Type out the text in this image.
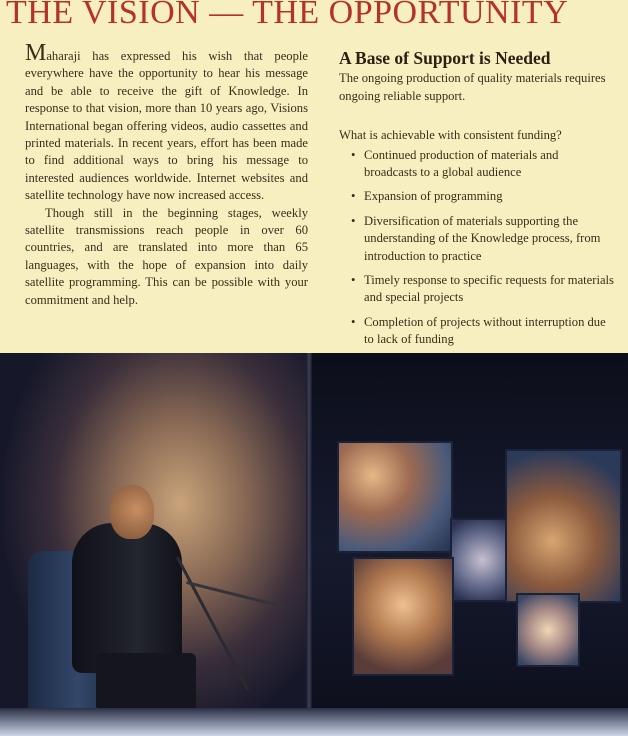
THE VISION — THE OPPORTUNITY

Maharaji has expressed his wish that people everywhere have the opportunity to hear his message and be able to receive the gift of Knowledge. In response to that vision, more than 10 years ago, Visions International began offering videos, audio cassettes and printed materials. In recent years, effort has been made to find additional ways to bring his message to interested audiences worldwide. Internet websites and satellite technology have now increased access.

Though still in the beginning stages, weekly satellite transmissions reach people in over 60 countries, and are translated into more than 65 languages, with the hope of expansion into daily satellite programming. This can be possible with your commitment and help.

A Base of Support is Needed

The ongoing production of quality materials requires ongoing reliable support.

What is achievable with consistent funding?

• Continued production of materials and broadcasts to a global audience
• Expansion of programming
• Diversification of materials supporting the understanding of the Knowledge process, from introduction to practice
• Timely response to specific requests for materials and special projects
• Completion of projects without interruption due to lack of funding
